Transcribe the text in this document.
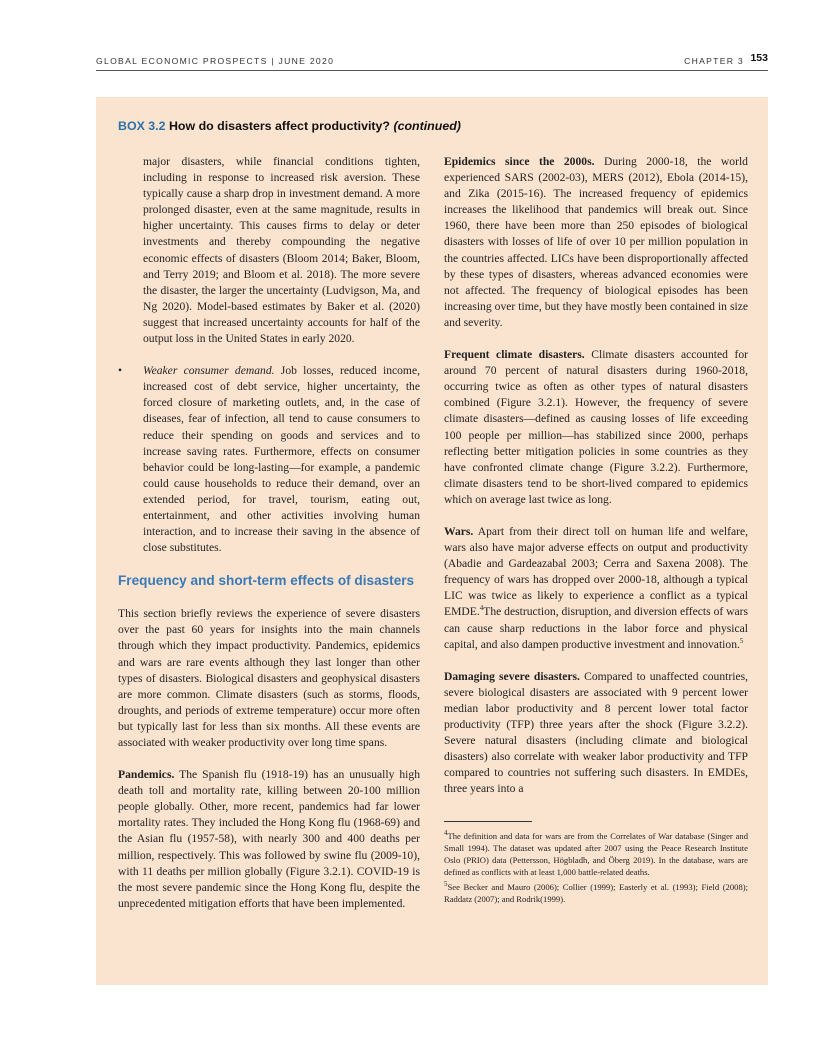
GLOBAL ECONOMIC PROSPECTS | JUNE 2020	CHAPTER 3 153
BOX 3.2 How do disasters affect productivity? (continued)

major disasters, while financial conditions tighten, including in response to increased risk aversion. These typically cause a sharp drop in investment demand. A more prolonged disaster, even at the same magnitude, results in higher uncertainty. This causes firms to delay or deter investments and thereby compounding the negative economic effects of disasters (Bloom 2014; Baker, Bloom, and Terry 2019; and Bloom et al. 2018). The more severe the disaster, the larger the uncertainty (Ludvigson, Ma, and Ng 2020). Model-based estimates by Baker et al. (2020) suggest that increased uncertainty accounts for half of the output loss in the United States in early 2020.

• Weaker consumer demand. Job losses, reduced income, increased cost of debt service, higher uncertainty, the forced closure of marketing outlets, and, in the case of diseases, fear of infection, all tend to cause consumers to reduce their spending on goods and services and to increase saving rates. Furthermore, effects on consumer behavior could be long-lasting—for example, a pandemic could cause households to reduce their demand, over an extended period, for travel, tourism, eating out, entertainment, and other activities involving human interaction, and to increase their saving in the absence of close substitutes.

Frequency and short-term effects of disasters

This section briefly reviews the experience of severe disasters over the past 60 years for insights into the main channels through which they impact productivity. Pandemics, epidemics and wars are rare events although they last longer than other types of disasters. Biological disasters and geophysical disasters are more common. Climate disasters (such as storms, floods, droughts, and periods of extreme temperature) occur more often but typically last for less than six months. All these events are associated with weaker productivity over long time spans.

Pandemics. The Spanish flu (1918-19) has an unusually high death toll and mortality rate, killing between 20-100 million people globally. Other, more recent, pandemics had far lower mortality rates. They included the Hong Kong flu (1968-69) and the Asian flu (1957-58), with nearly 300 and 400 deaths per million, respectively. This was followed by swine flu (2009-10), with 11 deaths per million globally (Figure 3.2.1). COVID-19 is the most severe pandemic since the Hong Kong flu, despite the unprecedented mitigation efforts that have been implemented.

Epidemics since the 2000s. During 2000-18, the world experienced SARS (2002-03), MERS (2012), Ebola (2014-15), and Zika (2015-16). The increased frequency of epidemics increases the likelihood that pandemics will break out. Since 1960, there have been more than 250 episodes of biological disasters with losses of life of over 10 per million population in the countries affected. LICs have been disproportionally affected by these types of disasters, whereas advanced economies were not affected. The frequency of biological episodes has been increasing over time, but they have mostly been contained in size and severity.

Frequent climate disasters. Climate disasters accounted for around 70 percent of natural disasters during 1960-2018, occurring twice as often as other types of natural disasters combined (Figure 3.2.1). However, the frequency of severe climate disasters—defined as causing losses of life exceeding 100 people per million—has stabilized since 2000, perhaps reflecting better mitigation policies in some countries as they have confronted climate change (Figure 3.2.2). Furthermore, climate disasters tend to be short-lived compared to epidemics which on average last twice as long.

Wars. Apart from their direct toll on human life and welfare, wars also have major adverse effects on output and productivity (Abadie and Gardeazabal 2003; Cerra and Saxena 2008). The frequency of wars has dropped over 2000-18, although a typical LIC was twice as likely to experience a conflict as a typical EMDE.$^4$The destruction, disruption, and diversion effects of wars can cause sharp reductions in the labor force and physical capital, and also dampen productive investment and innovation.$^5$

Damaging severe disasters. Compared to unaffected countries, severe biological disasters are associated with 9 percent lower median labor productivity and 8 percent lower total factor productivity (TFP) three years after the shock (Figure 3.2.2). Severe natural disasters (including climate and biological disasters) also correlate with weaker labor productivity and TFP compared to countries not suffering such disasters. In EMDEs, three years into a

$^4$The definition and data for wars are from the Correlates of War database (Singer and Small 1994). The dataset was updated after 2007 using the Peace Research Institute Oslo (PRIO) data (Pettersson, Högbladh, and Öberg 2019). In the database, wars are defined as conflicts with at least 1,000 battle-related deaths.

$^5$See Becker and Mauro (2006); Collier (1999); Easterly et al. (1993); Field (2008); Raddatz (2007); and Rodrik(1999).
